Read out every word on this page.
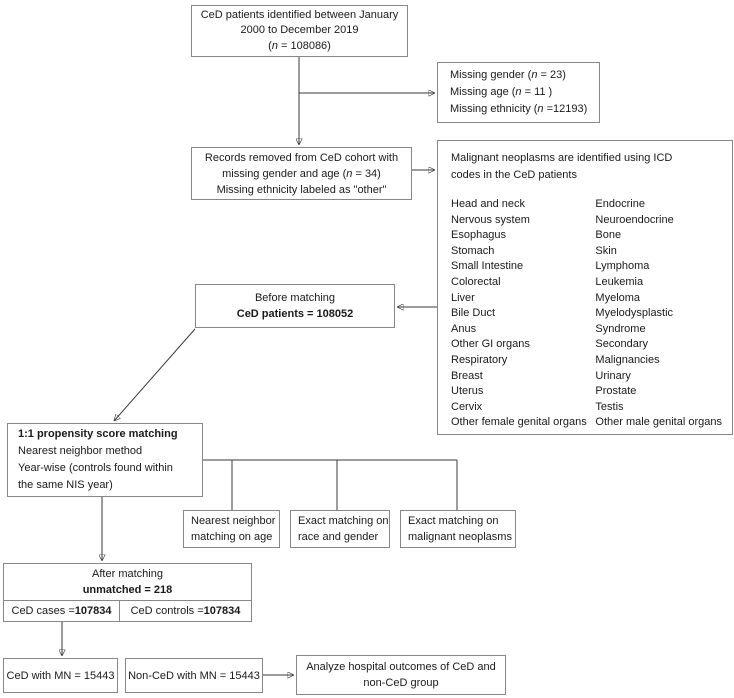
CeD patients identified between January
2000 to December 2019
(n = 108086)
Missing gender (n = 23)
Missing age (n = 11 )
Missing ethnicity (n =12193)
Records removed from CeD cohort with
missing gender and age (n = 34)
Missing ethnicity labeled as "other"
Malignant neoplasms are identified using ICD
codes in the CeD patients
Head and neck
Nervous system
Esophagus
Stomach
Small Intestine
Colorectal
Liver
Bile Duct
Anus
Other GI organs
Respiratory
Breast
Uterus
Cervix
Other female genital organs
Endocrine
Neuroendocrine
Bone
Skin
Lymphoma
Leukemia
Myeloma
Myelodysplastic
Syndrome
Secondary
Malignancies
Urinary
Prostate
Testis
Other male genital organs
Before matching
CeD patients = 108052
1:1 propensity score matching
Nearest neighbor method
Year-wise (controls found within
the same NIS year)
Nearest neighbor
matching on age
Exact matching on
race and gender
Exact matching on
malignant neoplasms
After matching
unmatched = 218
CeD cases = 107834 CeD controls = 107834
CeD with MN = 15443 Non-CeD with MN = 15443
Analyze hospital outcomes of CeD and
non-CeD group
